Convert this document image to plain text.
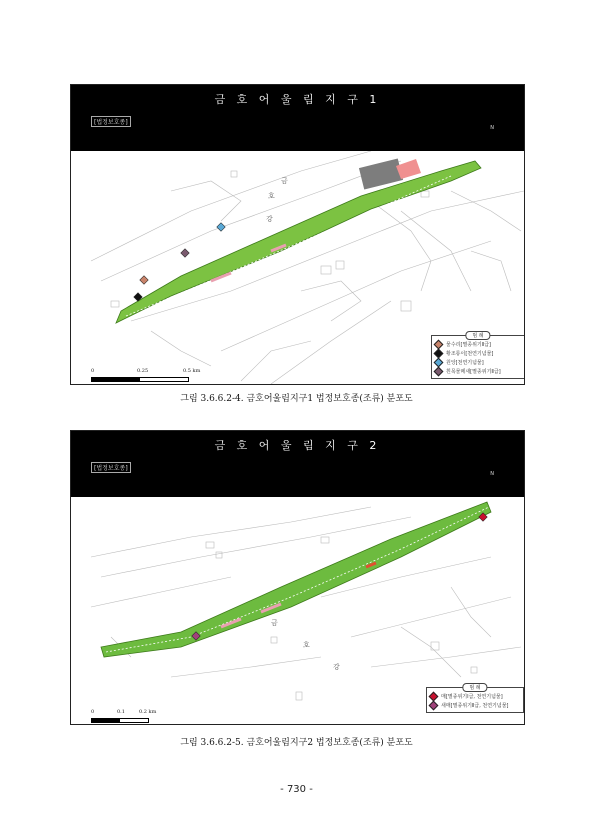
금 호 어 울 림 지 구 1
[법정보호종]
N
금
호
강
범 례
물수리[멸종위기Ⅱ급]
황조롱이[천연기념물]
원앙[천연기념물]
흰목물떼새[멸종위기Ⅱ급]
0	0.25	0.5 km
그림 3.6.6.2-4. 금호어울림지구1 법정보호종(조류) 분포도
금 호 어 울 림 지 구 2
[법정보호종]
N
금
호
강
범 례
매[멸종위기Ⅰ급, 천연기념물]
새매[멸종위기Ⅱ급, 천연기념물]
0	0.1	0.2 km
그림 3.6.6.2-5. 금호어울림지구2 법정보호종(조류) 분포도
- 730 -
